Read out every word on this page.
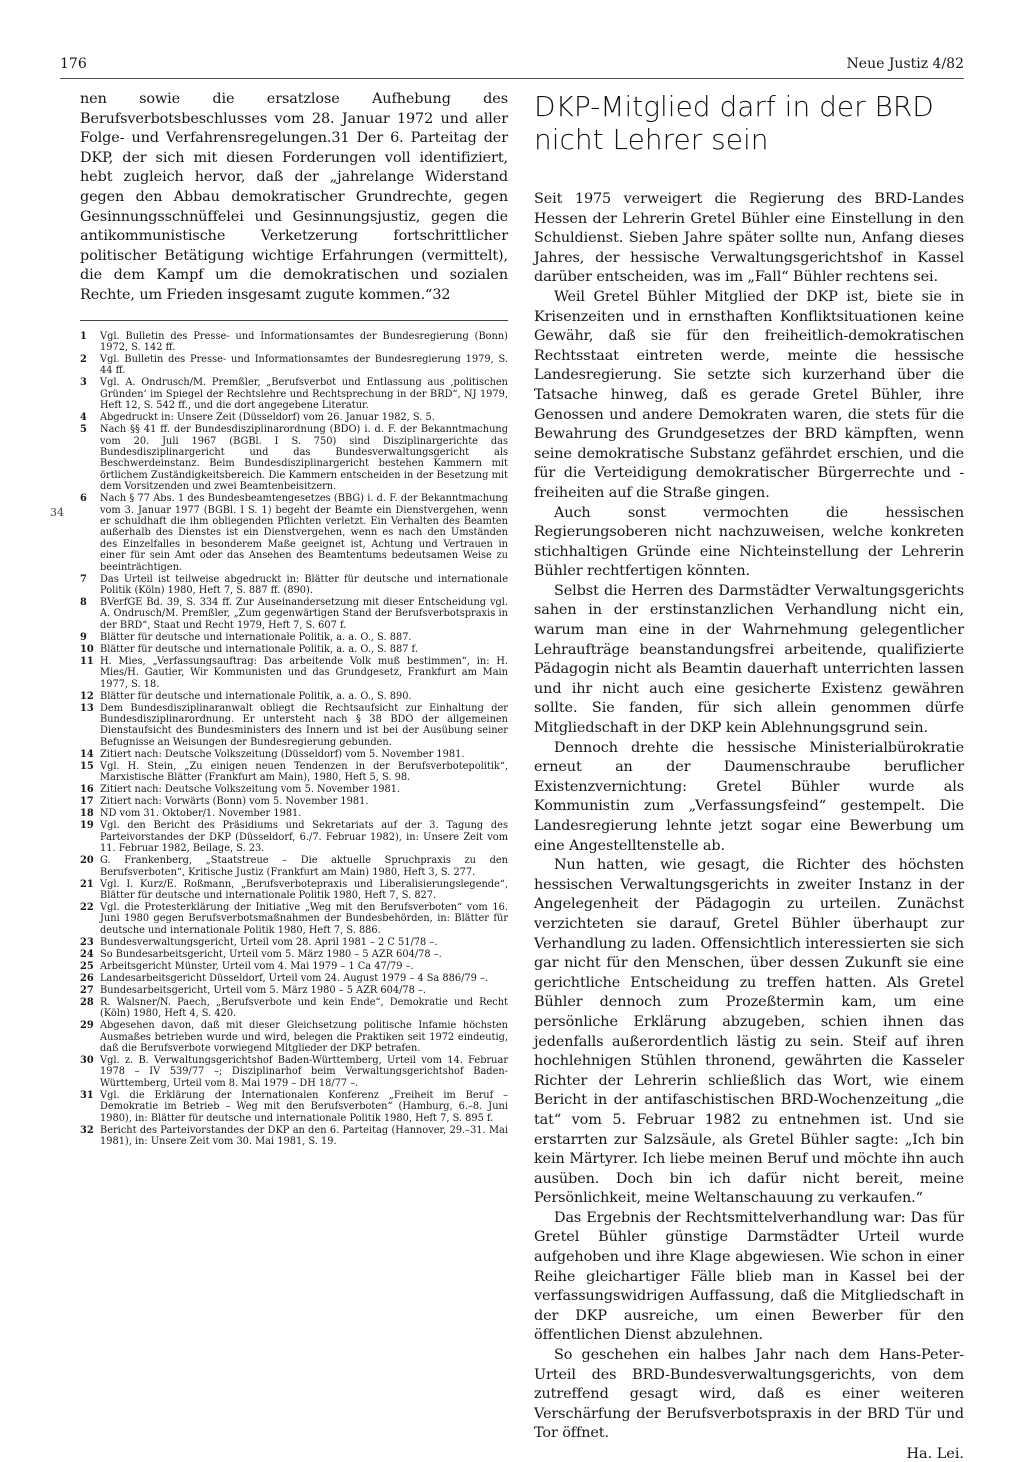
176	Neue Justiz 4/82
34

nen sowie die ersatzlose Aufhebung des Berufsverbotsbeschlusses vom 28. Januar 1972 und aller Folge- und Verfahrensregelungen.31 Der 6. Parteitag der DKP, der sich mit diesen Forderungen voll identifiziert, hebt zugleich hervor, daß der „jahrelange Widerstand gegen den Abbau demokratischer Grundrechte, gegen Gesinnungsschnüffelei und Gesinnungsjustiz, gegen die antikommunistische Verketzerung fortschrittlicher politischer Betätigung wichtige Erfahrungen (vermittelt), die dem Kampf um die demokratischen und sozialen Rechte, um Frieden insgesamt zugute kommen.“32

1	Vgl. Bulletin des Presse- und Informationsamtes der Bundesregierung (Bonn) 1972, S. 142 ff.
2	Vgl. Bulletin des Presse- und Informationsamtes der Bundesregierung 1979, S. 44 ff.
3	Vgl. A. Ondrusch/M. Premßler, „Berufsverbot und Entlassung aus ‚politischen Gründen‘ im Spiegel der Rechtslehre und Rechtsprechung in der BRD“, NJ 1979, Heft 12, S. 542 ff., und die dort angegebene Literatur.
4	Abgedruckt in: Unsere Zeit (Düsseldorf) vom 26. Januar 1982, S. 5.
5	Nach §§ 41 ff. der Bundesdisziplinarordnung (BDO) i. d. F. der Bekanntmachung vom 20. Juli 1967 (BGBl. I S. 750) sind Disziplinargerichte das Bundesdisziplinargericht und das Bundesverwaltungsgericht als Beschwerdeinstanz. Beim Bundesdisziplinargericht bestehen Kammern mit örtlichem Zuständigkeitsbereich. Die Kammern entscheiden in der Besetzung mit dem Vorsitzenden und zwei Beamtenbeisitzern.
6	Nach § 77 Abs. 1 des Bundesbeamtengesetzes (BBG) i. d. F. der Bekanntmachung vom 3. Januar 1977 (BGBl. I S. 1) begeht der Beamte ein Dienstvergehen, wenn er schuldhaft die ihm obliegenden Pflichten verletzt. Ein Verhalten des Beamten außerhalb des Dienstes ist ein Dienstvergehen, wenn es nach den Umständen des Einzelfalles in besonderem Maße geeignet ist, Achtung und Vertrauen in einer für sein Amt oder das Ansehen des Beamtentums bedeutsamen Weise zu beeinträchtigen.
7	Das Urteil ist teilweise abgedruckt in: Blätter für deutsche und internationale Politik (Köln) 1980, Heft 7, S. 887 ff. (890).
8	BVerfGE Bd. 39, S. 334 ff. Zur Auseinandersetzung mit dieser Entscheidung vgl. A. Ondrusch/M. Premßler, „Zum gegenwärtigen Stand der Berufsverbotspraxis in der BRD“, Staat und Recht 1979, Heft 7, S. 607 f.
9	Blätter für deutsche und internationale Politik, a. a. O., S. 887.
10 Blätter für deutsche und internationale Politik, a. a. O., S. 887 f.
11 H. Mies, „Verfassungsauftrag: Das arbeitende Volk muß bestimmen“, in: H. Mies/H. Gautier, Wir Kommunisten und das Grundgesetz, Frankfurt am Main 1977, S. 18.
12 Blätter für deutsche und internationale Politik, a. a. O., S. 890.
13 Dem Bundesdisziplinaranwalt obliegt die Rechtsaufsicht zur Einhaltung der Bundesdisziplinarordnung. Er untersteht nach § 38 BDO der allgemeinen Dienstaufsicht des Bundesministers des Innern und ist bei der Ausübung seiner Befugnisse an Weisungen der Bundesregierung gebunden.
14 Zitiert nach: Deutsche Volkszeitung (Düsseldorf) vom 5. November 1981.
15 Vgl. H. Stein, „Zu einigen neuen Tendenzen in der Berufsverbotepolitik“, Marxistische Blätter (Frankfurt am Main), 1980, Heft 5, S. 98.
16 Zitiert nach: Deutsche Volkszeitung vom 5. November 1981.
17 Zitiert nach: Vorwärts (Bonn) vom 5. November 1981.
18 ND vom 31. Oktober/1. November 1981.
19 Vgl. den Bericht des Präsidiums und Sekretariats auf der 3. Tagung des Parteivorstandes der DKP (Düsseldorf, 6./7. Februar 1982), in: Unsere Zeit vom 11. Februar 1982, Beilage, S. 23.
20 G. Frankenberg, „Staatstreue – Die aktuelle Spruchpraxis zu den Berufsverboten“, Kritische Justiz (Frankfurt am Main) 1980, Heft 3, S. 277.
21 Vgl. I. Kurz/E. Roßmann, „Berufsverbotepraxis und Liberalisierungslegende“, Blätter für deutsche und internationale Politik 1980, Heft 7, S. 827.
22 Vgl. die Protesterklärung der Initiative „Weg mit den Berufsverboten“ vom 16. Juni 1980 gegen Berufsverbotsmaßnahmen der Bundesbehörden, in: Blätter für deutsche und internationale Politik 1980, Heft 7, S. 886.
23 Bundesverwaltungsgericht, Urteil vom 28. April 1981 – 2 C 51/78 –.
24 So Bundesarbeitsgericht, Urteil vom 5. März 1980 – 5 AZR 604/78 –.
25 Arbeitsgericht Münster, Urteil vom 4. Mai 1979 – 1 Ca 47/79 –.
26 Landesarbeitsgericht Düsseldorf, Urteil vom 24. August 1979 – 4 Sa 886/79 –.
27 Bundesarbeitsgericht, Urteil vom 5. März 1980 – 5 AZR 604/78 –.
28 R. Walsner/N. Paech, „Berufsverbote und kein Ende“, Demokratie und Recht (Köln) 1980, Heft 4, S. 420.
29 Abgesehen davon, daß mit dieser Gleichsetzung politische Infamie höchsten Ausmaßes betrieben wurde und wird, belegen die Praktiken seit 1972 eindeutig, daß die Berufsverbote vorwiegend Mitglieder der DKP betrafen.
30 Vgl. z. B. Verwaltungsgerichtshof Baden-Württemberg, Urteil vom 14. Februar 1978 – IV 539/77 –; Disziplinarhof beim Verwaltungsgerichtshof Baden-Württemberg, Urteil vom 8. Mai 1979 – DH 18/77 –.
31 Vgl. die Erklärung der Internationalen Konferenz „Freiheit im Beruf – Demokratie im Betrieb – Weg mit den Berufsverboten“ (Hamburg, 6.–8. Juni 1980), in: Blätter für deutsche und internationale Politik 1980, Heft 7, S. 895 f.
32 Bericht des Parteivorstandes der DKP an den 6. Parteitag (Hannover, 29.–31. Mai 1981), in: Unsere Zeit vom 30. Mai 1981, S. 19.
DKP-Mitglied darf in der BRD
nicht Lehrer sein

Seit 1975 verweigert die Regierung des BRD-Landes Hessen der Lehrerin Gretel Bühler eine Einstellung in den Schuldienst. Sieben Jahre später sollte nun, Anfang dieses Jahres, der hessische Verwaltungsgerichtshof in Kassel darüber entscheiden, was im „Fall“ Bühler rechtens sei.

Weil Gretel Bühler Mitglied der DKP ist, biete sie in Krisenzeiten und in ernsthaften Konfliktsituationen keine Gewähr, daß sie für den freiheitlich-demokratischen Rechtsstaat eintreten werde, meinte die hessische Landesregierung. Sie setzte sich kurzerhand über die Tatsache hinweg, daß es gerade Gretel Bühler, ihre Genossen und andere Demokraten waren, die stets für die Bewahrung des Grundgesetzes der BRD kämpften, wenn seine demokratische Substanz gefährdet erschien, und die für die Verteidigung demokratischer Bürgerrechte und -freiheiten auf die Straße gingen.

Auch sonst vermochten die hessischen Regierungsoberen nicht nachzuweisen, welche konkreten stichhaltigen Gründe eine Nichteinstellung der Lehrerin Bühler rechtfertigen könnten.

Selbst die Herren des Darmstädter Verwaltungsgerichts sahen in der erstinstanzlichen Verhandlung nicht ein, warum man eine in der Wahrnehmung gelegentlicher Lehraufträge beanstandungsfrei arbeitende, qualifizierte Pädagogin nicht als Beamtin dauerhaft unterrichten lassen und ihr nicht auch eine gesicherte Existenz gewähren sollte. Sie fanden, für sich allein genommen dürfe Mitgliedschaft in der DKP kein Ablehnungsgrund sein.

Dennoch drehte die hessische Ministerialbürokratie erneut an der Daumenschraube beruflicher Existenzvernichtung: Gretel Bühler wurde als Kommunistin zum „Verfassungsfeind“ gestempelt. Die Landesregierung lehnte jetzt sogar eine Bewerbung um eine Angestelltenstelle ab.

Nun hatten, wie gesagt, die Richter des höchsten hessischen Verwaltungsgerichts in zweiter Instanz in der Angelegenheit der Pädagogin zu urteilen. Zunächst verzichteten sie darauf, Gretel Bühler überhaupt zur Verhandlung zu laden. Offensichtlich interessierten sie sich gar nicht für den Menschen, über dessen Zukunft sie eine gerichtliche Entscheidung zu treffen hatten. Als Gretel Bühler dennoch zum Prozeßtermin kam, um eine persönliche Erklärung abzugeben, schien ihnen das jedenfalls außerordentlich lästig zu sein. Steif auf ihren hochlehnigen Stühlen thronend, gewährten die Kasseler Richter der Lehrerin schließlich das Wort, wie einem Bericht in der antifaschistischen BRD-Wochenzeitung „die tat“ vom 5. Februar 1982 zu entnehmen ist. Und sie erstarrten zur Salzsäule, als Gretel Bühler sagte: „Ich bin kein Märtyrer. Ich liebe meinen Beruf und möchte ihn auch ausüben. Doch bin ich dafür nicht bereit, meine Persönlichkeit, meine Weltanschauung zu verkaufen.“

Das Ergebnis der Rechtsmittelverhandlung war: Das für Gretel Bühler günstige Darmstädter Urteil wurde aufgehoben und ihre Klage abgewiesen. Wie schon in einer Reihe gleichartiger Fälle blieb man in Kassel bei der verfassungswidrigen Auffassung, daß die Mitgliedschaft in der DKP ausreiche, um einen Bewerber für den öffentlichen Dienst abzulehnen.

So geschehen ein halbes Jahr nach dem Hans-Peter-Urteil des BRD-Bundesverwaltungsgerichts, von dem zutreffend gesagt wird, daß es einer weiteren Verschärfung der Berufsverbotspraxis in der BRD Tür und Tor öffnet.

Ha. Lei.
